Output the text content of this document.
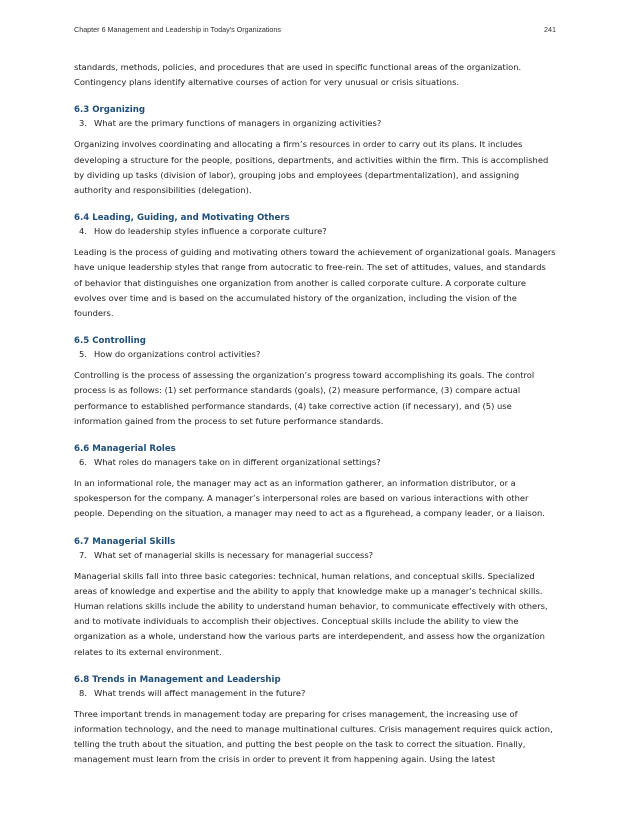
Chapter 6 Management and Leadership in Today's Organizations	241

standards, methods, policies, and procedures that are used in specific functional areas of the organization. Contingency plans identify alternative courses of action for very unusual or crisis situations.

6.3 Organizing
3. What are the primary functions of managers in organizing activities?

Organizing involves coordinating and allocating a firm’s resources in order to carry out its plans. It includes developing a structure for the people, positions, departments, and activities within the firm. This is accomplished by dividing up tasks (division of labor), grouping jobs and employees (departmentalization), and assigning authority and responsibilities (delegation).

6.4 Leading, Guiding, and Motivating Others
4. How do leadership styles influence a corporate culture?

Leading is the process of guiding and motivating others toward the achievement of organizational goals. Managers have unique leadership styles that range from autocratic to free-rein. The set of attitudes, values, and standards of behavior that distinguishes one organization from another is called corporate culture. A corporate culture evolves over time and is based on the accumulated history of the organization, including the vision of the founders.

6.5 Controlling
5. How do organizations control activities?

Controlling is the process of assessing the organization’s progress toward accomplishing its goals. The control process is as follows: (1) set performance standards (goals), (2) measure performance, (3) compare actual performance to established performance standards, (4) take corrective action (if necessary), and (5) use information gained from the process to set future performance standards.

6.6 Managerial Roles
6. What roles do managers take on in different organizational settings?

In an informational role, the manager may act as an information gatherer, an information distributor, or a spokesperson for the company. A manager’s interpersonal roles are based on various interactions with other people. Depending on the situation, a manager may need to act as a figurehead, a company leader, or a liaison.

6.7 Managerial Skills
7. What set of managerial skills is necessary for managerial success?

Managerial skills fall into three basic categories: technical, human relations, and conceptual skills. Specialized areas of knowledge and expertise and the ability to apply that knowledge make up a manager’s technical skills. Human relations skills include the ability to understand human behavior, to communicate effectively with others, and to motivate individuals to accomplish their objectives. Conceptual skills include the ability to view the organization as a whole, understand how the various parts are interdependent, and assess how the organization relates to its external environment.

6.8 Trends in Management and Leadership
8. What trends will affect management in the future?

Three important trends in management today are preparing for crises management, the increasing use of information technology, and the need to manage multinational cultures. Crisis management requires quick action, telling the truth about the situation, and putting the best people on the task to correct the situation. Finally, management must learn from the crisis in order to prevent it from happening again. Using the latest
